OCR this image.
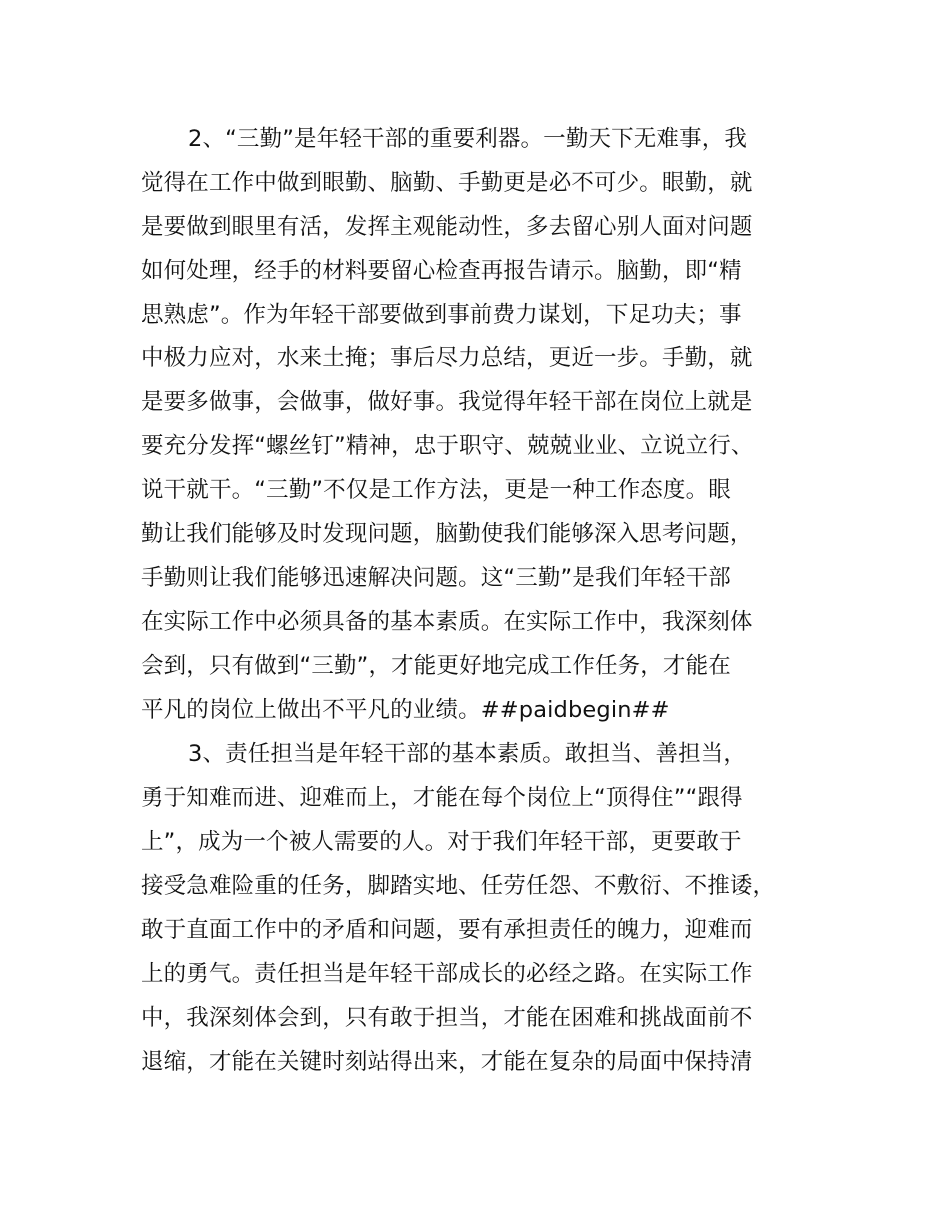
2、“三勤”是年轻干部的重要利器。一勤天下无难事，我
觉得在工作中做到眼勤、脑勤、手勤更是必不可少。眼勤，就
是要做到眼里有活，发挥主观能动性，多去留心别人面对问题
如何处理，经手的材料要留心检查再报告请示。脑勤，即“精
思熟虑”。作为年轻干部要做到事前费力谋划，下足功夫；事
中极力应对，水来土掩；事后尽力总结，更近一步。手勤，就
是要多做事，会做事，做好事。我觉得年轻干部在岗位上就是
要充分发挥“螺丝钉”精神，忠于职守、兢兢业业、立说立行、
说干就干。“三勤”不仅是工作方法，更是一种工作态度。眼
勤让我们能够及时发现问题，脑勤使我们能够深入思考问题，
手勤则让我们能够迅速解决问题。这“三勤”是我们年轻干部
在实际工作中必须具备的基本素质。在实际工作中，我深刻体
会到，只有做到“三勤”，才能更好地完成工作任务，才能在
平凡的岗位上做出不平凡的业绩。##paidbegin##
3、责任担当是年轻干部的基本素质。敢担当、善担当，
勇于知难而进、迎难而上，才能在每个岗位上“顶得住”“跟得
上”，成为一个被人需要的人。对于我们年轻干部，更要敢于
接受急难险重的任务，脚踏实地、任劳任怨、不敷衍、不推诿，
敢于直面工作中的矛盾和问题，要有承担责任的魄力，迎难而
上的勇气。责任担当是年轻干部成长的必经之路。在实际工作
中，我深刻体会到，只有敢于担当，才能在困难和挑战面前不
退缩，才能在关键时刻站得出来，才能在复杂的局面中保持清
